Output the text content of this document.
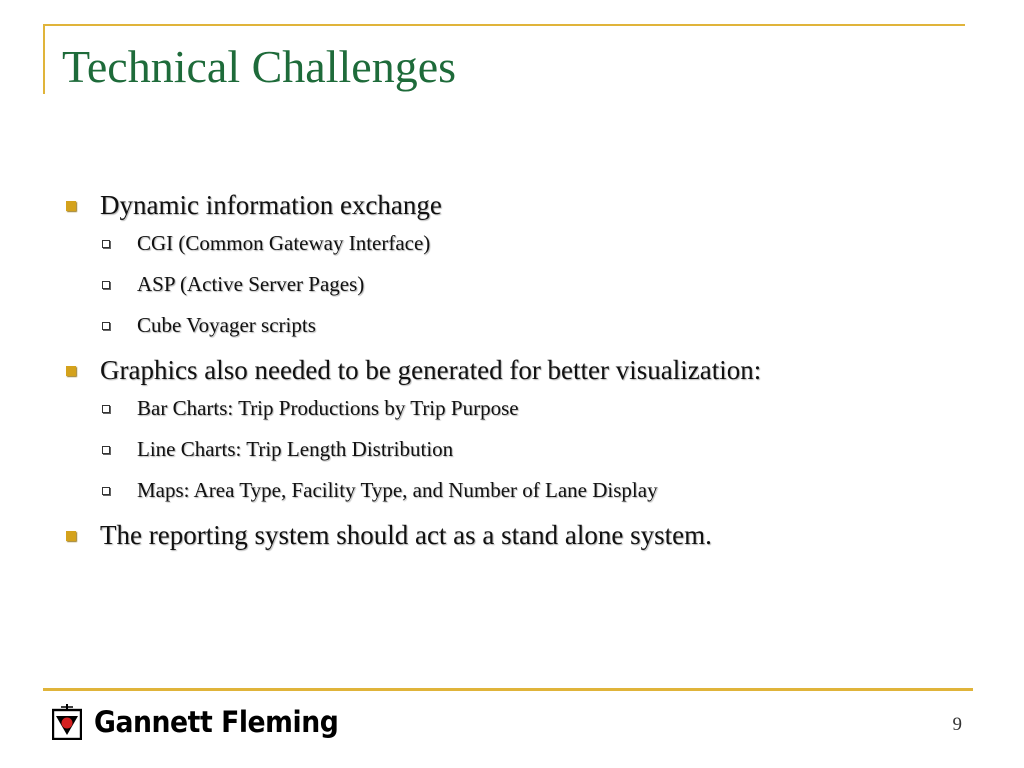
Technical Challenges
Dynamic information exchange
CGI (Common Gateway Interface)
ASP (Active Server Pages)
Cube Voyager scripts
Graphics also needed to be generated for better visualization:
Bar Charts: Trip Productions by Trip Purpose
Line Charts: Trip Length Distribution
Maps: Area Type, Facility Type, and Number of Lane Display
The reporting system should act as a stand alone system.
Gannett Fleming	9
